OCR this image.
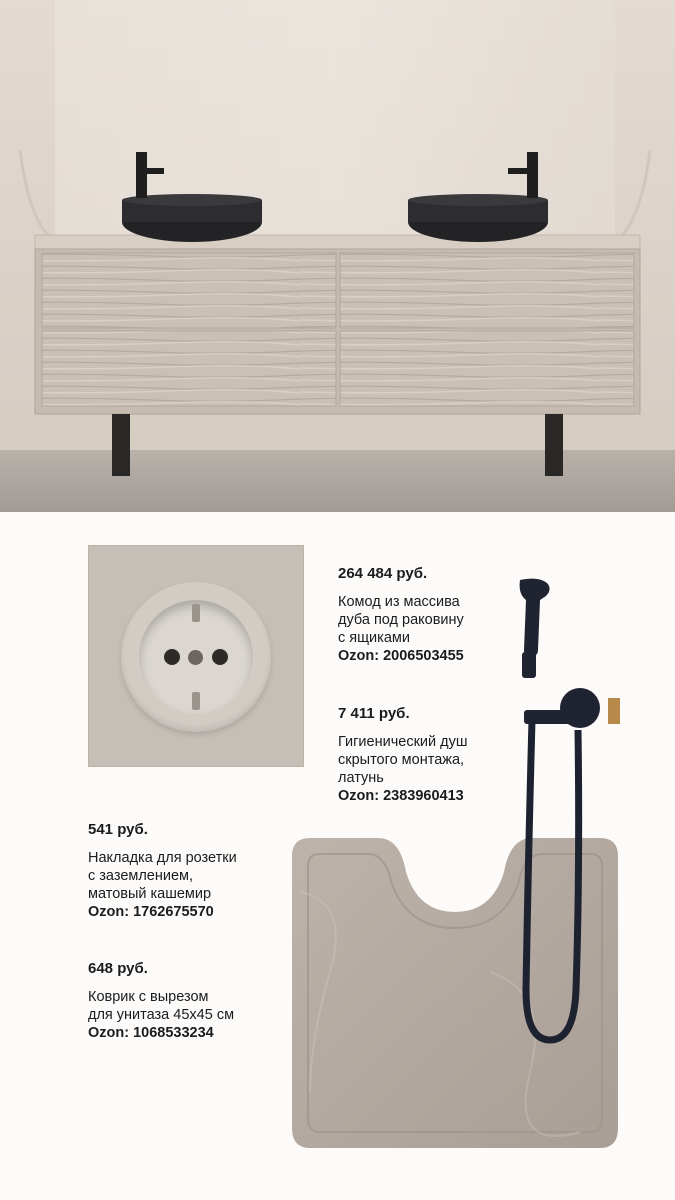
264 484 руб.
Комод из массива
дуба под раковину
с ящиками
Ozon: 2006503455
7 411 руб.
Гигиенический душ
скрытого монтажа,
латунь
Ozon: 2383960413
541 руб.
Накладка для розетки
с заземлением,
матовый кашемир
Ozon: 1762675570
648 руб.
Коврик с вырезом
для унитаза 45х45 см
Ozon: 1068533234
